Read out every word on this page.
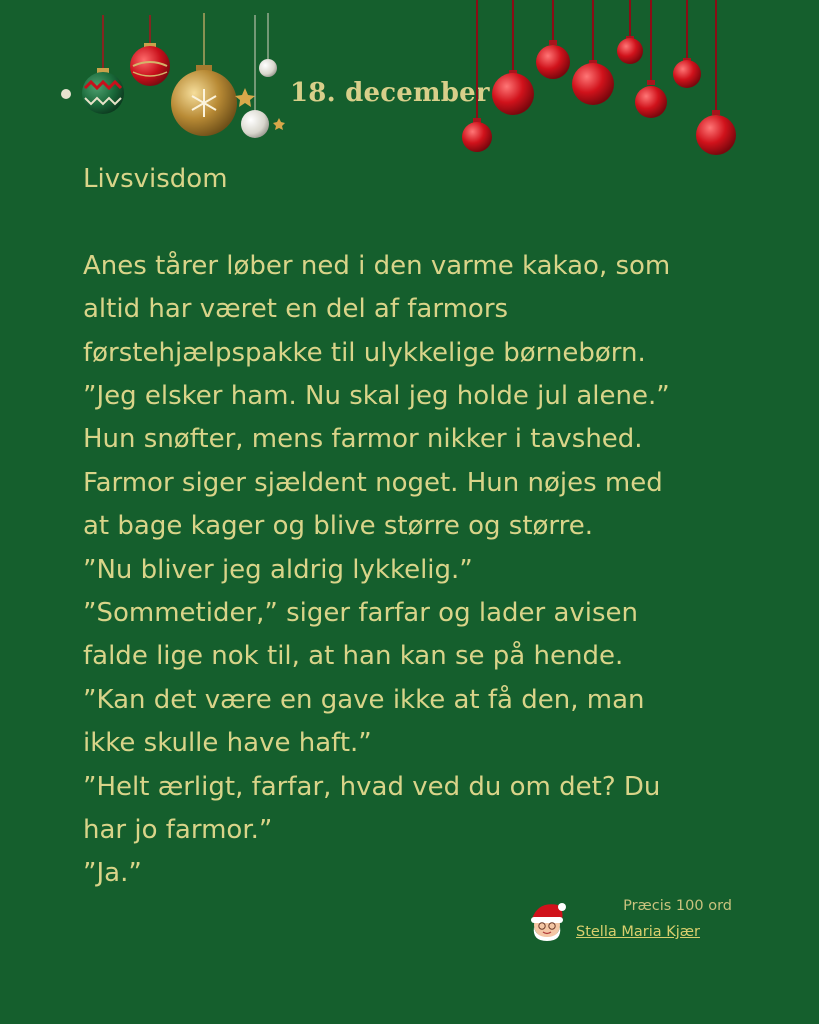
18. december

Livsvisdom

Anes tårer løber ned i den varme kakao, som

altid har været en del af farmors

førstehjælpspakke til ulykkelige børnebørn.

”Jeg elsker ham. Nu skal jeg holde jul alene.”

Hun snøfter, mens farmor nikker i tavshed.

Farmor siger sjældent noget. Hun nøjes med

at bage kager og blive større og større.

”Nu bliver jeg aldrig lykkelig.”

”Sommetider,” siger farfar og lader avisen

falde lige nok til, at han kan se på hende.

”Kan det være en gave ikke at få den, man

ikke skulle have haft.”

”Helt ærligt, farfar, hvad ved du om det? Du

har jo farmor.”

”Ja.”

Præcis 100 ord
Stella Maria Kjær
